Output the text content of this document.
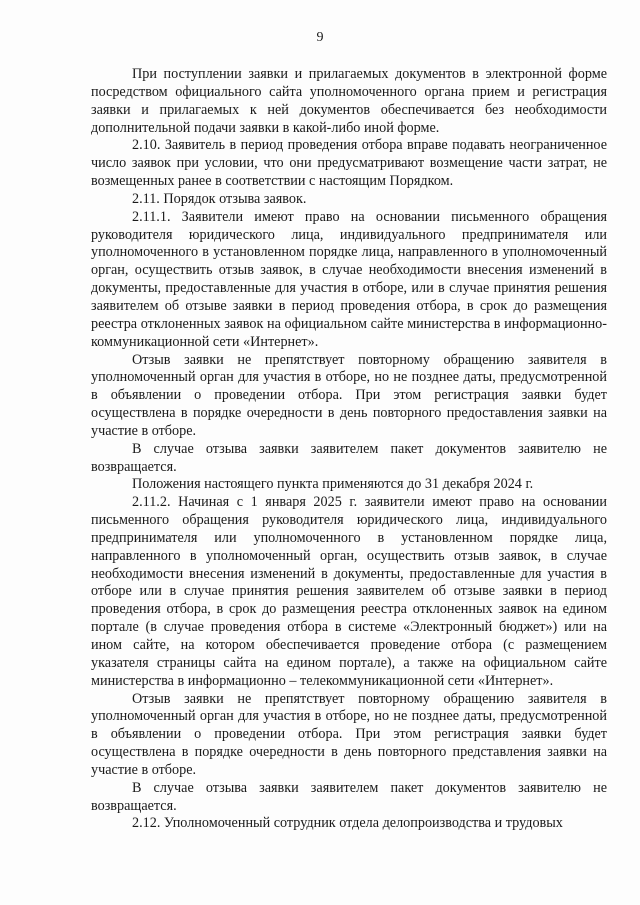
9

При поступлении заявки и прилагаемых документов в электронной форме посредством официального сайта уполномоченного органа прием и регистрация заявки и прилагаемых к ней документов обеспечивается без необходимости дополнительной подачи заявки в какой-либо иной форме.

2.10. Заявитель в период проведения отбора вправе подавать неограниченное число заявок при условии, что они предусматривают возмещение части затрат, не возмещенных ранее в соответствии с настоящим Порядком.

2.11. Порядок отзыва заявок.

2.11.1. Заявители имеют право на основании письменного обращения руководителя юридического лица, индивидуального предпринимателя или уполномоченного в установленном порядке лица, направленного в уполномоченный орган, осуществить отзыв заявок, в случае необходимости внесения изменений в документы, предоставленные для участия в отборе, или в случае принятия решения заявителем об отзыве заявки в период проведения отбора, в срок до размещения реестра отклоненных заявок на официальном сайте министерства в информационно-коммуникационной сети «Интернет».

Отзыв заявки не препятствует повторному обращению заявителя в уполномоченный орган для участия в отборе, но не позднее даты, предусмотренной в объявлении о проведении отбора. При этом регистрация заявки будет осуществлена в порядке очередности в день повторного предоставления заявки на участие в отборе.

В случае отзыва заявки заявителем пакет документов заявителю не возвращается.

Положения настоящего пункта применяются до 31 декабря 2024 г.

2.11.2. Начиная с 1 января 2025 г. заявители имеют право на основании письменного обращения руководителя юридического лица, индивидуального предпринимателя или уполномоченного в установленном порядке лица, направленного в уполномоченный орган, осуществить отзыв заявок, в случае необходимости внесения изменений в документы, предоставленные для участия в отборе или в случае принятия решения заявителем об отзыве заявки в период проведения отбора, в срок до размещения реестра отклоненных заявок на едином портале (в случае проведения отбора в системе «Электронный бюджет») или на ином сайте, на котором обеспечивается проведение отбора (с размещением указателя страницы сайта на едином портале), а также на официальном сайте министерства в информационно – телекоммуникационной сети «Интернет».

Отзыв заявки не препятствует повторному обращению заявителя в уполномоченный орган для участия в отборе, но не позднее даты, предусмотренной в объявлении о проведении отбора. При этом регистрация заявки будет осуществлена в порядке очередности в день повторного представления заявки на участие в отборе.

В случае отзыва заявки заявителем пакет документов заявителю не возвращается.

2.12. Уполномоченный сотрудник отдела делопроизводства и трудовых
